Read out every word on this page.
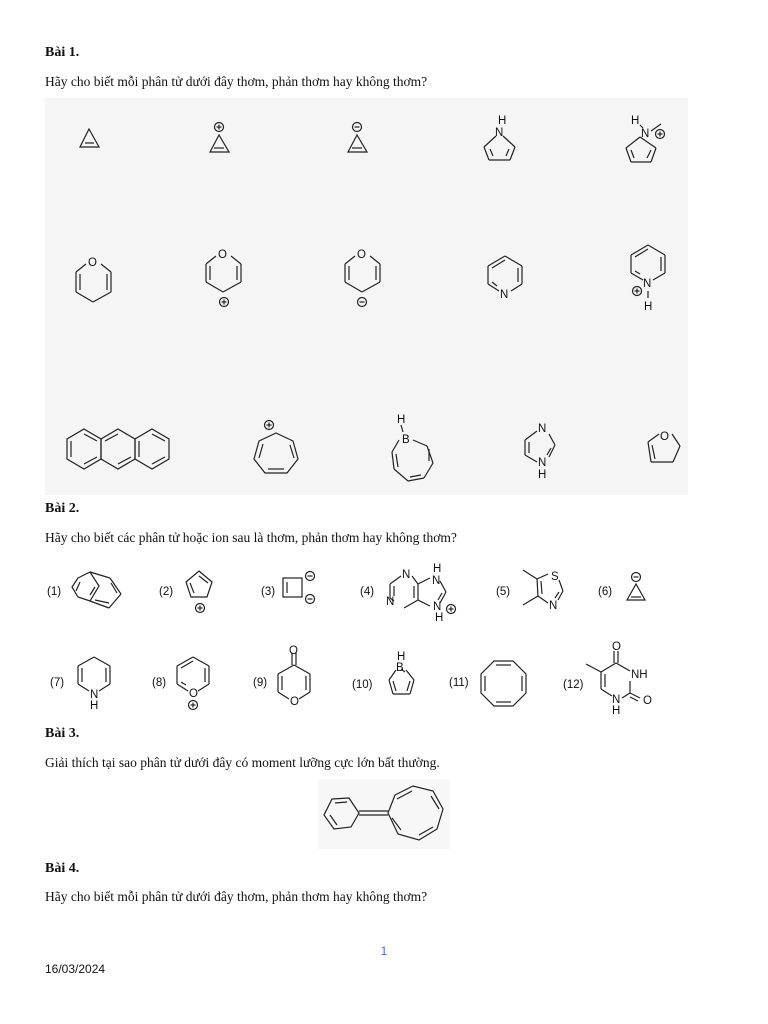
Bài 1.
Hãy cho biết mỗi phân tử dưới đây thơm, phản thơm hay không thơm?
H
N
H
N
O
O	O
N
N
H
H
B
N
N
H
O
Bài 2.
Hãy cho biết các phân tử hoặc ion sau là thơm, phản thơm hay không thơm?
(1)	(2)	(3)	(4)	(5)	(6)
(7)	(8)	(9)	(10)	(11)	(12)
N H
N
N	N
H
S
N
N
H
O
O
O
H
B
O
NH
N
H
O
Bài 3.
Giải thích tại sao phân tử dưới đây có moment lưỡng cực lớn bất thường.
Bài 4.
Hãy cho biết mỗi phân tử dưới đây thơm, phản thơm hay không thơm?
1
16/03/2024
